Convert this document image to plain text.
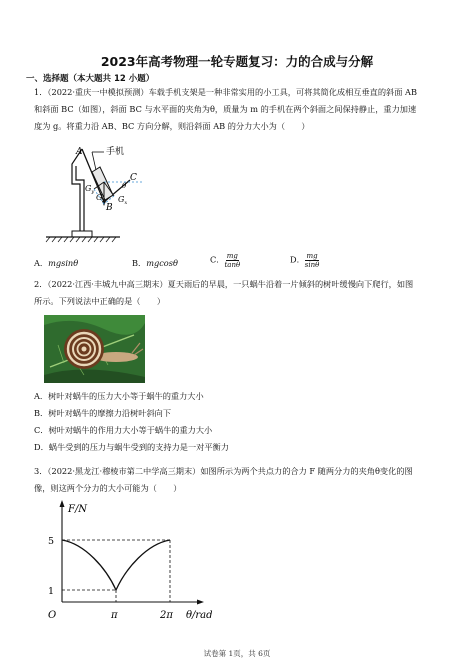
2023年高考物理一轮专题复习：力的合成与分解
一、选择题（本大题共 12 小题）
1．（2022·重庆一中模拟预测）车载手机支架是一种非常实用的小工具，可将其简化成相互垂直的斜面 AB
和斜面 BC（如图），斜面 BC 与水平面的夹角为θ，质量为 m 的手机在两个斜面之间保持静止，重力加速
度为 g。将重力沿 AB、BC 方向分解，则沿斜面 AB 的分力大小为（　　）
A	手机
C
B
$G_y$
$G_x$
G
θ
A．mgsinθ	B．mgcosθ	C． $\frac{mg}{\tan\theta}$	D． $\frac{mg}{\sin\theta}$
2．（2022·江西·丰城九中高三期末）夏天雨后的早晨，一只蜗牛沿着一片倾斜的树叶缓慢向下爬行，如图
所示。下列说法中正确的是（　　）
A．树叶对蜗牛的压力大小等于蜗牛的重力大小
B．树叶对蜗牛的摩擦力沿树叶斜向下
C．树叶对蜗牛的作用力大小等于蜗牛的重力大小
D．蜗牛受到的压力与蜗牛受到的支持力是一对平衡力
3．（2022·黑龙江·穆棱市第二中学高三期末）如图所示为两个共点力的合力 F 随两分力的夹角θ变化的图
像，则这两个分力的大小可能为（　　）
F/N
5
1
O	π	2π θ/rad
试卷第 1页，共 6页
